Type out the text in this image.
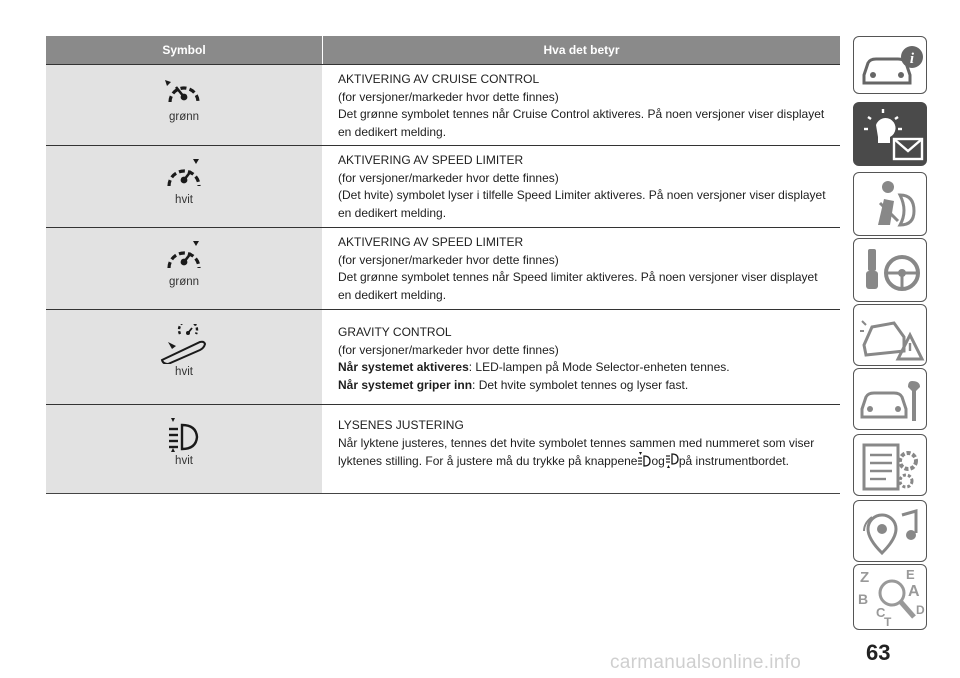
Symbol	Hva det betyr
grønn

AKTIVERING AV CRUISE CONTROL

(for versjoner/markeder hvor dette finnes)

Det grønne symbolet tennes når Cruise Control aktiveres. På noen versjoner viser displayet en dedikert melding.

hvit

AKTIVERING AV SPEED LIMITER

(for versjoner/markeder hvor dette finnes)

(Det hvite) symbolet lyser i tilfelle Speed Limiter aktiveres. På noen versjoner viser displayet en dedikert melding.

grønn

AKTIVERING AV SPEED LIMITER

(for versjoner/markeder hvor dette finnes)

Det grønne symbolet tennes når Speed limiter aktiveres. På noen versjoner viser displayet en dedikert melding.

hvit

GRAVITY CONTROL

(for versjoner/markeder hvor dette finnes)

Når systemet aktiveres: LED-lampen på Mode Selector-enheten tennes.

Når systemet griper inn: Det hvite symbolet tennes og lyser fast.

hvit

LYSENES JUSTERING

Når lyktene justeres, tennes det hvite symbolet tennes sammen med nummeret som viser

lyktenes stilling. For å justere må du trykke på knappene og på instrumentbordet.

i
Z	E
A
B
C	D
T
63
carmanualsonline.info
